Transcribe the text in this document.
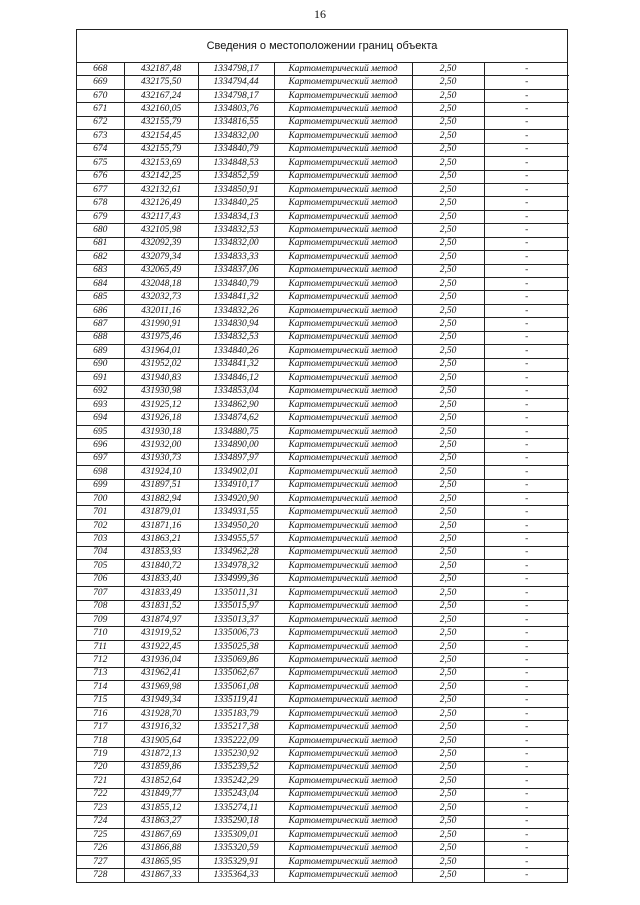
16
Сведения о местоположении границ объекта
668	432187,48	1334798,17	Картометрический метод	2,50	-
669	432175,50	1334794,44	Картометрический метод	2,50	-
670	432167,24	1334798,17	Картометрический метод	2,50	-
671	432160,05	1334803,76	Картометрический метод	2,50	-
672	432155,79	1334816,55	Картометрический метод	2,50	-
673	432154,45	1334832,00	Картометрический метод	2,50	-
674	432155,79	1334840,79	Картометрический метод	2,50	-
675	432153,69	1334848,53	Картометрический метод	2,50	-
676	432142,25	1334852,59	Картометрический метод	2,50	-
677	432132,61	1334850,91	Картометрический метод	2,50	-
678	432126,49	1334840,25	Картометрический метод	2,50	-
679	432117,43	1334834,13	Картометрический метод	2,50	-
680	432105,98	1334832,53	Картометрический метод	2,50	-
681	432092,39	1334832,00	Картометрический метод	2,50	-
682	432079,34	1334833,33	Картометрический метод	2,50	-
683	432065,49	1334837,06	Картометрический метод	2,50	-
684	432048,18	1334840,79	Картометрический метод	2,50	-
685	432032,73	1334841,32	Картометрический метод	2,50	-
686	432011,16	1334832,26	Картометрический метод	2,50	-
687	431990,91	1334830,94	Картометрический метод	2,50	-
688	431975,46	1334832,53	Картометрический метод	2,50	-
689	431964,01	1334840,26	Картометрический метод	2,50	-
690	431952,02	1334841,32	Картометрический метод	2,50	-
691	431940,83	1334846,12	Картометрический метод	2,50	-
692	431930,98	1334853,04	Картометрический метод	2,50	-
693	431925,12	1334862,90	Картометрический метод	2,50	-
694	431926,18	1334874,62	Картометрический метод	2,50	-
695	431930,18	1334880,75	Картометрический метод	2,50	-
696	431932,00	1334890,00	Картометрический метод	2,50	-
697	431930,73	1334897,97	Картометрический метод	2,50	-
698	431924,10	1334902,01	Картометрический метод	2,50	-
699	431897,51	1334910,17	Картометрический метод	2,50	-
700	431882,94	1334920,90	Картометрический метод	2,50	-
701	431879,01	1334931,55	Картометрический метод	2,50	-
702	431871,16	1334950,20	Картометрический метод	2,50	-
703	431863,21	1334955,57	Картометрический метод	2,50	-
704	431853,93	1334962,28	Картометрический метод	2,50	-
705	431840,72	1334978,32	Картометрический метод	2,50	-
706	431833,40	1334999,36	Картометрический метод	2,50	-
707	431833,49	1335011,31	Картометрический метод	2,50	-
708	431831,52	1335015,97	Картометрический метод	2,50	-
709	431874,97	1335013,37	Картометрический метод	2,50	-
710	431919,52	1335006,73	Картометрический метод	2,50	-
711	431922,45	1335025,38	Картометрический метод	2,50	-
712	431936,04	1335069,86	Картометрический метод	2,50	-
713	431962,41	1335062,67	Картометрический метод	2,50	-
714	431969,98	1335061,08	Картометрический метод	2,50	-
715	431949,34	1335119,41	Картометрический метод	2,50	-
716	431928,70	1335183,79	Картометрический метод	2,50	-
717	431916,32	1335217,38	Картометрический метод	2,50	-
718	431905,64	1335222,09	Картометрический метод	2,50	-
719	431872,13	1335230,92	Картометрический метод	2,50	-
720	431859,86	1335239,52	Картометрический метод	2,50	-
721	431852,64	1335242,29	Картометрический метод	2,50	-
722	431849,77	1335243,04	Картометрический метод	2,50	-
723	431855,12	1335274,11	Картометрический метод	2,50	-
724	431863,27	1335290,18	Картометрический метод	2,50	-
725	431867,69	1335309,01	Картометрический метод	2,50	-
726	431866,88	1335320,59	Картометрический метод	2,50	-
727	431865,95	1335329,91	Картометрический метод	2,50	-
728	431867,33	1335364,33	Картометрический метод	2,50	-
